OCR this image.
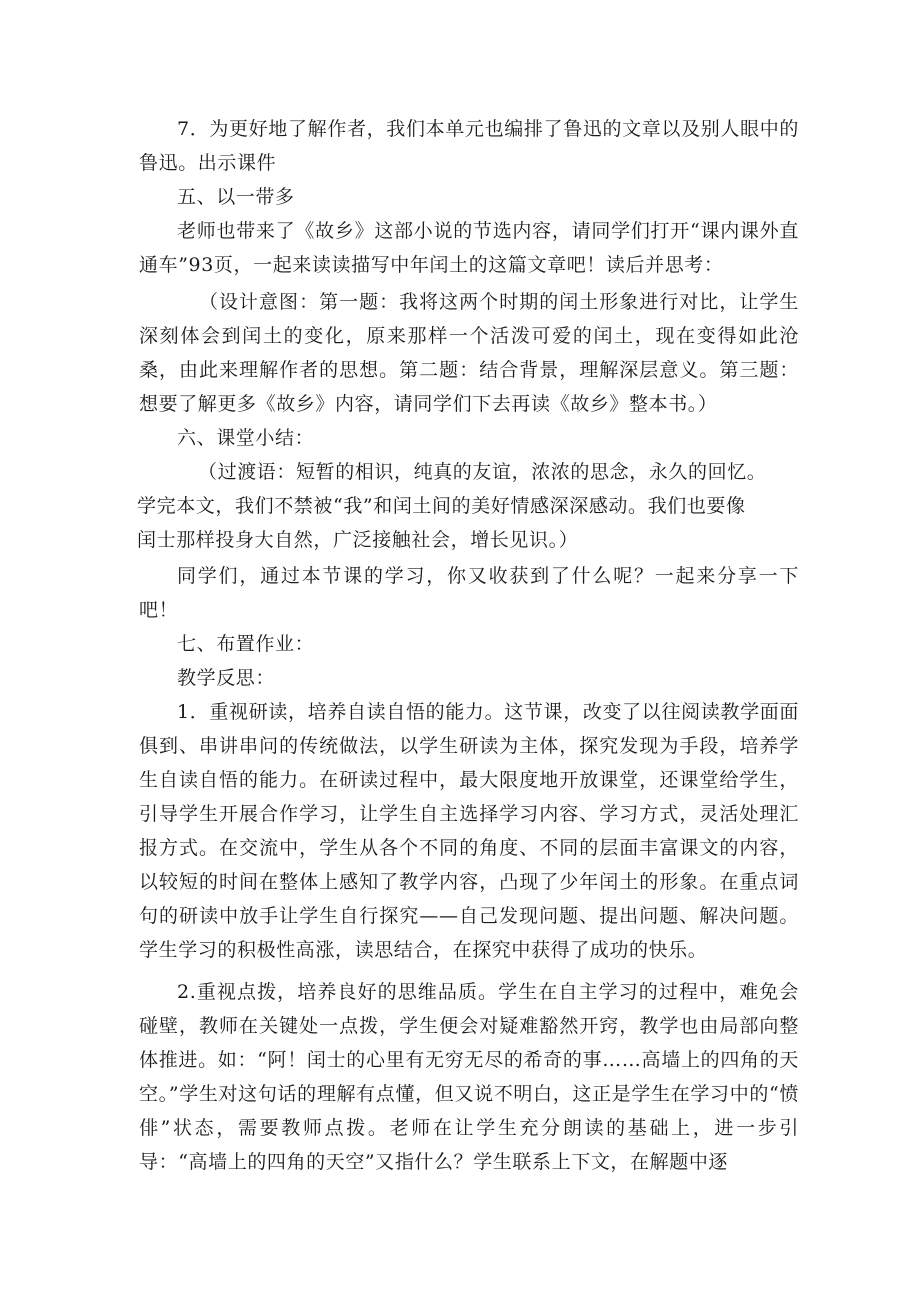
7．为更好地了解作者，我们本单元也编排了鲁迅的文章以及别人眼中的鲁迅。出示课件

五、以一带多

老师也带来了《故乡》这部小说的节选内容，请同学们打开“课内课外直通车”93页，一起来读读描写中年闰土的这篇文章吧！读后并思考：

（设计意图：第一题：我将这两个时期的闰土形象进行对比，让学生深刻体会到闰土的变化，原来那样一个活泼可爱的闰土，现在变得如此沧桑，由此来理解作者的思想。第二题：结合背景，理解深层意义。第三题：想要了解更多《故乡》内容，请同学们下去再读《故乡》整本书。）

六、课堂小结：

（过渡语：短暂的相识，纯真的友谊，浓浓的思念，永久的回忆。
学完本文，我们不禁被“我”和闰土间的美好情感深深感动。我们也要像
闰士那样投身大自然，广泛接触社会，增长见识。）

同学们，通过本节课的学习，你又收获到了什么呢？一起来分享一下吧！

七、布置作业：

教学反思：

1．重视研读，培养自读自悟的能力。这节课，改变了以往阅读教学面面俱到、串讲串问的传统做法，以学生研读为主体，探究发现为手段，培养学生自读自悟的能力。在研读过程中，最大限度地开放课堂，还课堂给学生，引导学生开展合作学习，让学生自主选择学习内容、学习方式，灵活处理汇报方式。在交流中，学生从各个不同的角度、不同的层面丰富课文的内容，以较短的时间在整体上感知了教学内容，凸现了少年闰土的形象。在重点词句的研读中放手让学生自行探究——自己发现问题、提出问题、解决问题。学生学习的积极性高涨，读思结合，在探究中获得了成功的快乐。

2.重视点拨，培养良好的思维品质。学生在自主学习的过程中，难免会碰壁，教师在关键处一点拨，学生便会对疑难豁然开窍，教学也由局部向整体推进。如：“阿！闰士的心里有无穷无尽的希奇的事……高墙上的四角的天空。”学生对这句话的理解有点懂，但又说不明白，这正是学生在学习中的“愤俳”状态，需要教师点拨。老师在让学生充分朗读的基础上，进一步引导：“高墙上的四角的天空”又指什么？学生联系上下文，在解题中逐
